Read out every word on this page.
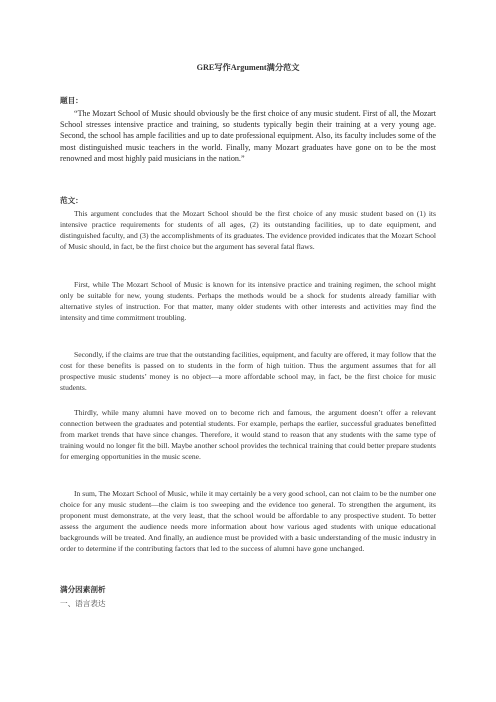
GRE写作Argument满分范文
题目：
“The Mozart School of Music should obviously be the first choice of any music student. First of all, the Mozart School stresses intensive practice and training, so students typically begin their training at a very young age. Second, the school has ample facilities and up to date professional equipment. Also, its faculty includes some of the most distinguished music teachers in the world. Finally, many Mozart graduates have gone on to be the most renowned and most highly paid musicians in the nation.”
范文：
This argument concludes that the Mozart School should be the first choice of any music student based on (1) its intensive practice requirements for students of all ages, (2) its outstanding facilities, up to date equipment, and distinguished faculty, and (3) the accomplishments of its graduates. The evidence provided indicates that the Mozart School of Music should, in fact, be the first choice but the argument has several fatal flaws.
First, while The Mozart School of Music is known for its intensive practice and training regimen, the school might only be suitable for new, young students. Perhaps the methods would be a shock for students already familiar with alternative styles of instruction. For that matter, many older students with other interests and activities may find the intensity and time commitment troubling.
Secondly, if the claims are true that the outstanding facilities, equipment, and faculty are offered, it may follow that the cost for these benefits is passed on to students in the form of high tuition. Thus the argument assumes that for all prospective music students’ money is no object—a more affordable school may, in fact, be the first choice for music students.
Thirdly, while many alumni have moved on to become rich and famous, the argument doesn’t offer a relevant connection between the graduates and potential students. For example, perhaps the earlier, successful graduates benefitted from market trends that have since changes. Therefore, it would stand to reason that any students with the same type of training would no longer fit the bill. Maybe another school provides the technical training that could better prepare students for emerging opportunities in the music scene.
In sum, The Mozart School of Music, while it may certainly be a very good school, can not claim to be the number one choice for any music student—the claim is too sweeping and the evidence too general. To strengthen the argument, its proponent must demonstrate, at the very least, that the school would be affordable to any prospective student. To better assess the argument the audience needs more information about how various aged students with unique educational backgrounds will be treated. And finally, an audience must be provided with a basic understanding of the music industry in order to determine if the contributing factors that led to the success of alumni have gone unchanged.
满分因素剖析
一、语言表达
